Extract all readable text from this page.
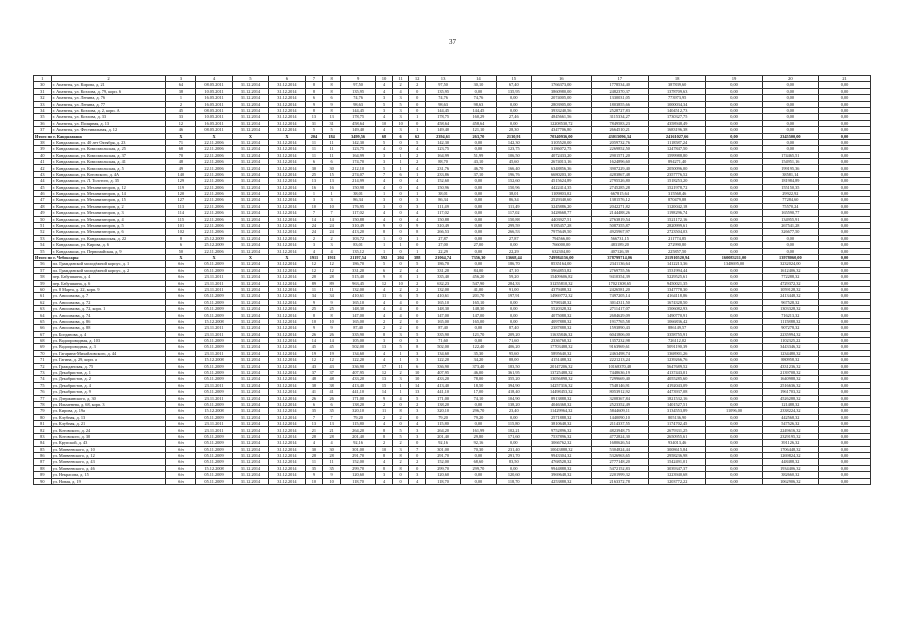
37
1	2	3	4	5	6	7	8	9	10	11	12	13	14	15	16	17	18	19	20	21
30	г. Апатиты, ул. Кирова, д. 21	64	08.05.2011	31.12.2014	31.12.2014	8	8	97,50	4	2	2	97,50	30,10	67,40	1766373,00	1778534,40	387839,60	0,00	0,00	0,00
31	г. Апатиты, ул. Козлова, д. 79, корп. 6	38	10.05.2011	31.12.2014	31.12.2014	8	8	135,95	4	4	0	135,95	0,00	135,95	3860980,00	2482370,37	1378709,63	0,00	0,00	0,00
32	г. Апатиты, ул. Ленина, д. 76	1	16.05.2011	31.12.2014	31.12.2014	6	6	74,76	3	3	0	74,76	74,76	0,00	2074005,00	1330031,05	773973,95	0,00	0,00	0,00
33	г. Апатиты, ул. Ленина, д. 77	2	16.05.2011	31.12.2014	31.12.2014	9	9	98,63	5	5	0	98,63	98,63	0,00	2803905,00	1803855,66	1000034,34	0,00	0,00	0,00
34	г. Апатиты, ул. Козлова, д. 2, корп. А	45	08.05.2011	31.12.2014	31.12.2014	8	8	144,45	3	3	0	144,45	144,45	0,00	3933240,56	2528727,83	1404512,73	0,00	0,00	0,00
35	г. Апатиты, ул. Козлова, д. 33	33	10.05.2011	31.12.2014	31.12.2014	13	13	178,75	4	3	1	178,75	160,29	27,46	4845661,56	3115334,27	1730327,75	0,00	0,00	0,00
36	г. Апатиты, ул. Полярная, д. 13	12	16.05.2011	31.12.2014	31.12.2014	31	31	458,64	10	10	0	458,64	458,64	0,00	12208530,72	7849583,23	4358948,49	0,00	0,00	0,00
37	г. Апатиты, ул. Фестивальная, д. 12	46	08.05.2011	31.12.2014	31.12.2014	5	5	149,40	4	3	1	149,40	121,10	28,30	4347706,80	2664510,21	1683196,38	0,00	0,00	0,00
Итого по г. Кандалакша		Х	Х	Х	Х	204	184	3499,56	68	6	62	2394,61	263,70	2130,91	70340936,00	43015096,34	24161027,66	0,00	2345500,00	0,00
38	г. Кандалакша, ул. 40 лет Октября, д. 23	71	22.11.2006	31.12.2014	31.12.2014	11	11	142,30	5	0	5	142,30	0,00	142,30	3105520,00	2059732,76	1118587,24	0,00	0,00	0,00
39	г. Кандалакша, ул. Комсомольская, д. 25	68	22.11.2006	31.12.2014	31.12.2014	11	11	123,75	4	0	4	123,75	0,00	123,75	3186072,75	2269852,50	1247847,50	0,00	0,00	0,00
40	г. Кандалакша, ул. Комсомольская, д. 37	70	22.11.2006	31.12.2014	31.12.2014	11	11	164,99	3	1	2	164,99	51,99	106,50	4072433,20	2901571,20	1599988,80	0,00	174465,51	0,00
41	г. Кандалакша, ул. Комсомольская, д. 41	48	22.11.2006	31.12.2014	31.12.2014	6	6	174,70	3	1	2	88,70	43,10	45,60	2674013,16	1624896,60	894271,40	0,00	154951,16	0,00
42	г. Кандалакша, ул. Комсомольская, д. 5	49	22.11.2006	31.12.2014	31.12.2014	30	30	212,10	5	1	4	231,76	46,70	166,40	6348856,36	3907229,40	2050096,00	0,00	199195,36	0,00
43	г. Кандалакша, ул. Котовского, д. 4А	140	22.11.2006	31.12.2014	31.12.2014	25	15	274,07	7	6	1	233,86	37,10	196,76	6680203,10	4283867,48	2357776,52	0,00	38581,14	0,00
44	г. Кандалакша, ул. Л. Толстого, д. 35	129	22.11.2006	31.12.2014	31.12.2014	13	13	214,99	4	0	4	152,60	0,00	152,60	4515624,89	2795526,80	1518253,20	0,00	181984,89	0,00
45	г. Кандалакша, ул. Механизаторов, д. 12	119	22.11.2006	31.12.2014	31.12.2014	16	16	150,98	4	0	4	150,96	0,00	150,96	4422414,35	2745285,28	1521978,72	0,00	155150,35	0,00
46	г. Кандалакша, ул. Механизаторов, д. 14	120	22.11.2006	31.12.2014	31.12.2014	1	1	38,01	1	0	1	38,01	0,00	38,01	1109803,02	667815,64	315568,46	0,00	29922,92	0,00
47	г. Кандалакша, ул. Механизаторов, д. 15	127	22.11.2006	31.12.2014	31.12.2014	3	3	86,34	3	0	3	86,34	0,00	86,34	2529340,60	1381576,12	870479,88	0,00	77284,60	0,00
48	г. Кандалакша, ул. Механизаторов, д. 2	113	22.11.2006	31.12.2014	31.12.2014	10	10	176,95	3	0	3	111,49	0,00	111,49	3245886,20	2042271,82	1120042,18	0,00	75570,24	0,00
49	г. Кандалакша, ул. Механизаторов, д. 3	114	22.11.2006	31.12.2014	31.12.2014	7	7	117,02	4	0	4	117,02	0,00	117,02	3428668,77	2144488,26	1198296,74	0,00	165590,77	0,00
50	г. Кандалакша, ул. Механизаторов, д. 4	115	22.11.2006	31.12.2014	31.12.2014	14	14	150,88	4	0	4	150,88	0,00	150,88	4403927,51	2763819,54	1521172,16	0,00	134955,91	0,00
51	г. Кандалакша, ул. Механизаторов, д. 5	101	22.11.2006	31.12.2014	31.12.2014	24	24	310,49	9	0	9	310,49	0,00	299,59	9185457,28	5087355,87	2820999,61	0,00	267541,28	0,00
52	г. Кандалакша, ул. Механизаторов, д. 6	102	22.11.2006	31.12.2014	31.12.2014	24	24	413,20	8	0	8	266,53	0,00	266,53	7975649,50	4925967,97	2723504,03	0,00	326677,50	0,00
53	г. Кандалакша, ул. Кандалакшская, д. 22	8	25.12.2009	31.12.2014	31.12.2014	2	2	103,72	1	0	1	27,87	0,00	27,87	794566,00	566731,15	211774,85	0,00	0,00	0,00
54	г. Кандалакша, ул. Кирова, д. 6	6	25.12.2009	31.12.2014	31.12.2014	3	3	83,01	1	1	0	27,00	27,00	0,00	766000,00	483189,20	272990,80	0,00	0,00	0,00
55	г. Кандалакша, ул. Первомайская, д. 9	50	22.11.2006	31.12.2014	31.12.2014	4	4	135,12	1	0	1	22,29	0,00	22,29	632304,00	407126,39	225857,50	0,00	0,00	0,00
Итого по г. Чебоксары		Х	Х	Х	Х	1911	1911	21197,54	592	204	388	21064,74	7356,30	13668,44	749984156,00	378799714,06	211910520,94	160083211,00	13978060,00	0,00
56	пл. Гражданской молодёжной корпус, д. 1	б/н	05.11.2009	31.12.2014	31.12.2014	12	12	186,70	5	0	5	186,70	0,00	186,70	8535164,00	2341136,64	1412213,36	1348695,00	3232024,00	0,00
57	пл. Гражданской молодёжной корпус, д. 2	б/н	05.11.2009	31.12.2014	31.12.2014	12	12	331,20	6	2	4	331,20	84,00	47,10	5964853,82	2769755,56	1531994,44	0,00	1612406,32	0,00
58	пер. Бабушкина, д. 4	б/н	23.11.2011	31.12.2014	31.12.2014	28	28	515,40	9	8	1	335,40	456,20	59,20	15409606,82	9410354,39	5229525,61	0,00	772288,32	0,00
59	пер. Бабушкина, д. 6	б/н	23.11.2011	31.12.2014	31.12.2014	89	89	963,45	12	10	2	632,23	547,90	284,33	31255810,32	17021308,65	9450021,35	0,00	4729372,32	0,00
60	ул. 8 Марта, д. 22, корп. 9	б/н	23.11.2011	31.12.2014	31.12.2014	11	11	132,00	4	2	2	132,00	41,00	91,00	4379488,32	2426581,20	1347778,30	0,00	1059128,32	0,00
61	ул. Анисимова, д. 7	б/н	05.11.2009	31.12.2014	31.12.2014	34	34	410,61	11	6	5	410,61	201,70	197,91	14969772,32	7497205,14	4164118,86	0,00	2413448,32	0,00
62	ул. Анисимова, д. 72	б/н	05.11.2009	31.12.2014	31.12.2014	9	9	165,10	4	4	0	165,10	165,10	0,00	5798348,32	3014311,50	1674328,50	0,00	967528,32	0,00
63	ул. Анисимова, д. 72, корп. 1	б/н	05.11.2009	31.12.2014	31.12.2014	25	25	148,30	4	4	0	148,30	148,30	0,00	5520328,32	2711417,07	1506082,93	0,00	1303328,32	0,00
64	ул. Анисимова, д. 74	б/н	05.11.2009	31.12.2014	31.12.2014	8	8	147,00	4	4	0	147,00	147,00	0,00	4075088,32	2684629,09	1490770,91	0,00	716213,32	0,00
65	ул. Анисимова, д. 86	б/н	15.12.2008	31.12.2014	31.12.2014	10	10	165,00	2	2	0	165,00	165,00	0,00	4097888,32	1917765,58	1066836,42	0,00	1115888,32	0,00
66	ул. Анисимова, д. 88	б/н	23.11.2011	31.12.2014	31.12.2014	9	9	87,40	2	2	0	87,40	0,00	87,40	2387888,32	1593890,43	886149,57	0,00	907278,32	0,00
67	ул. Богданова, д. 4	б/н	23.11.2011	31.12.2014	31.12.2014	26	26	335,90	8	3	5	335,90	121,70	209,20	11635846,32	6041806,00	3358755,91	0,00	2235994,32	0,00
68	ул. Водопроводная, д. 103	б/н	05.11.2009	31.12.2014	31.12.2014	14	14	105,00	3	0	3	71,60	0,00	71,60	2336768,32	1357232,98	726112,02	0,00	1102325,22	0,00
69	ул. Водопроводная, д. 3	б/н	05.11.2009	31.12.2014	31.12.2014	45	45	502,00	13	5	8	502,00	122,40	406,20	17703488,32	9163969,61	5091190,39	0,00	3443346,32	0,00
70	ул. Гагарина-Михайловского, д. 44	б/н	23.11.2011	31.12.2014	31.12.2014	19	19	134,60	4	1	3	134,60	35,30	95,60	5895640,32	2463498,74	1368901,26	0,00	1234480,32	0,00
71	ул. Гагина, д. 29, корп. а	б/н	15.12.2008	31.12.2014	31.12.2014	12	12	122,20	4	1	3	122,20	34,20	88,00	4151488,32	2221213,24	1239266,76	0,00	880958,32	0,00
72	ул. Гражданская, д. 75	б/н	05.11.2009	31.12.2014	31.12.2014	43	43	336,90	17	11	6	336,90	373,40	183,50	20147206,32	10168370,48	5647689,52	0,00	4331236,32	0,00
73	ул. Декабристов, д. 1	б/н	05.11.2009	31.12.2014	31.12.2014	37	37	407,95	12	2	10	407,95	46,00	361,95	13725488,32	7448636,19	4137443,01	0,00	2139708,32	0,00
74	ул. Декабристов, д. 2	б/н	05.11.2009	31.12.2014	31.12.2014	48	48	433,20	13	3	10	433,20	78,00	355,20	13056898,32	7299669,40	4055285,60	0,00	1640988,32	0,00
75	ул. Декабристов, д. 4	б/н	23.11.2011	31.12.2014	31.12.2014	38	38	413,40	15	1	14	413,40	18,50	394,90	14257316,32	7548146,91	4192043,09	0,00	2516636,32	0,00
76	ул. Декабристов, д. 9	б/н	05.11.2009	31.12.2014	31.12.2014	41	41	441,10	14	1	13	441,10	17,00	418,40	14498453,32	8053912,92	4473937,08	0,00	1961703,32	0,00
77	ул. Дзержинского, д. 30	б/н	23.11.2011	31.12.2014	31.12.2014	26	26	171,00	9	4	5	171,00	74,10	104,90	8913888,32	3208367,84	1821532,16	0,00	4526288,32	0,00
78	ул. Ильменева, д. 68, корп. 3	б/н	05.11.2009	31.12.2014	31.12.2014	6	6	138,20	2	0	2	138,20	0,00	138,20	4046368,32	2523352,49	1401527,51	0,00	121488,32	0,00
79	ул. Кирова, д. 19а	б/н	15.12.2008	31.12.2014	31.12.2014	35	35	320,10	11	8	3	320,10	296,70	23,40	11429964,32	5844609,11	3134553,89	11096,00	2338224,32	0,00
80	ул. Клубная, д. 13	б/н	05.11.2009	31.12.2014	31.12.2014	7	7	79,20	2	2	0	79,20	79,20	0,00	2571888,32	1440090,10	805136,90	0,00	442568,32	0,00
81	ул. Клубная, д. 21	б/н	23.11.2011	31.12.2014	31.12.2014	13	13	115,80	4	0	4	115,80	0,00	115,80	3810648,32	2114337,55	1174702,45	0,00	547526,32	0,00
82	ул. Котовского, д. 24	б/н	23.11.2011	31.12.2014	31.12.2014	21	21	264,20	8	5	3	264,20	161,99	102,21	9752896,32	4823948,75	2679331,25	0,00	2249616,32	0,00
83	ул. Котовского, д. 30	б/н	05.11.2009	31.12.2014	31.12.2014	28	28	201,40	8	5	3	201,40	29,80	171,60	7537896,32	4772824,30	2650955,61	0,00	2329195,32	0,00
84	ул. Крупской, д. 43	б/н	05.11.2009	31.12.2014	31.12.2014	4	4	92,16	2	2	0	92,16	92,16	0,00	3066762,32	1680626,54	934013,46	0,00	391126,32	0,00
85	ул. Матвеевского, д. 10	б/н	05.11.2009	31.12.2014	31.12.2014	30	30	301,00	10	3	7	301,00	70,30	231,40	10043888,32	5304824,44	3008615,84	0,00	1706448,32	0,00
86	ул. Матвеевского, д. 12	б/н	05.11.2009	31.12.2014	31.12.2014	28	28	291,70	8	8	0	291,70	0,00	291,70	9943304,32	5326963,65	2958236,98	0,00	1269824,32	0,00
87	ул. Матвеевского, д. 43	б/н	05.11.2009	31.12.2014	31.12.2014	11	11	152,00	4	2	2	152,00	68,60	83,50	4768528,32	2777148,20	1542491,01	0,00	448488,32	0,00
88	ул. Матвеевского, д. 46	б/н	15.12.2008	31.12.2014	31.12.2014	35	35	299,70	8	8	0	299,70	299,70	0,00	9944888,32	5472152,83	3039347,37	0,00	1934406,32	0,00
89	ул. Некрасова, д. 15	б/н	05.11.2009	31.12.2014	31.12.2014	9	9	120,60	3	0	3	120,60	0,00	120,60	3969648,32	2201999,32	1223940,68	0,00	382660,32	0,00
90	ул. Новая, д. 19	б/н	05.11.2009	31.12.2014	31.12.2014	10	10	118,70	4	0	4	118,70	0,00	118,70	4253888,32	2163372,78	1203772,22	0,00	1062906,32	0,00
